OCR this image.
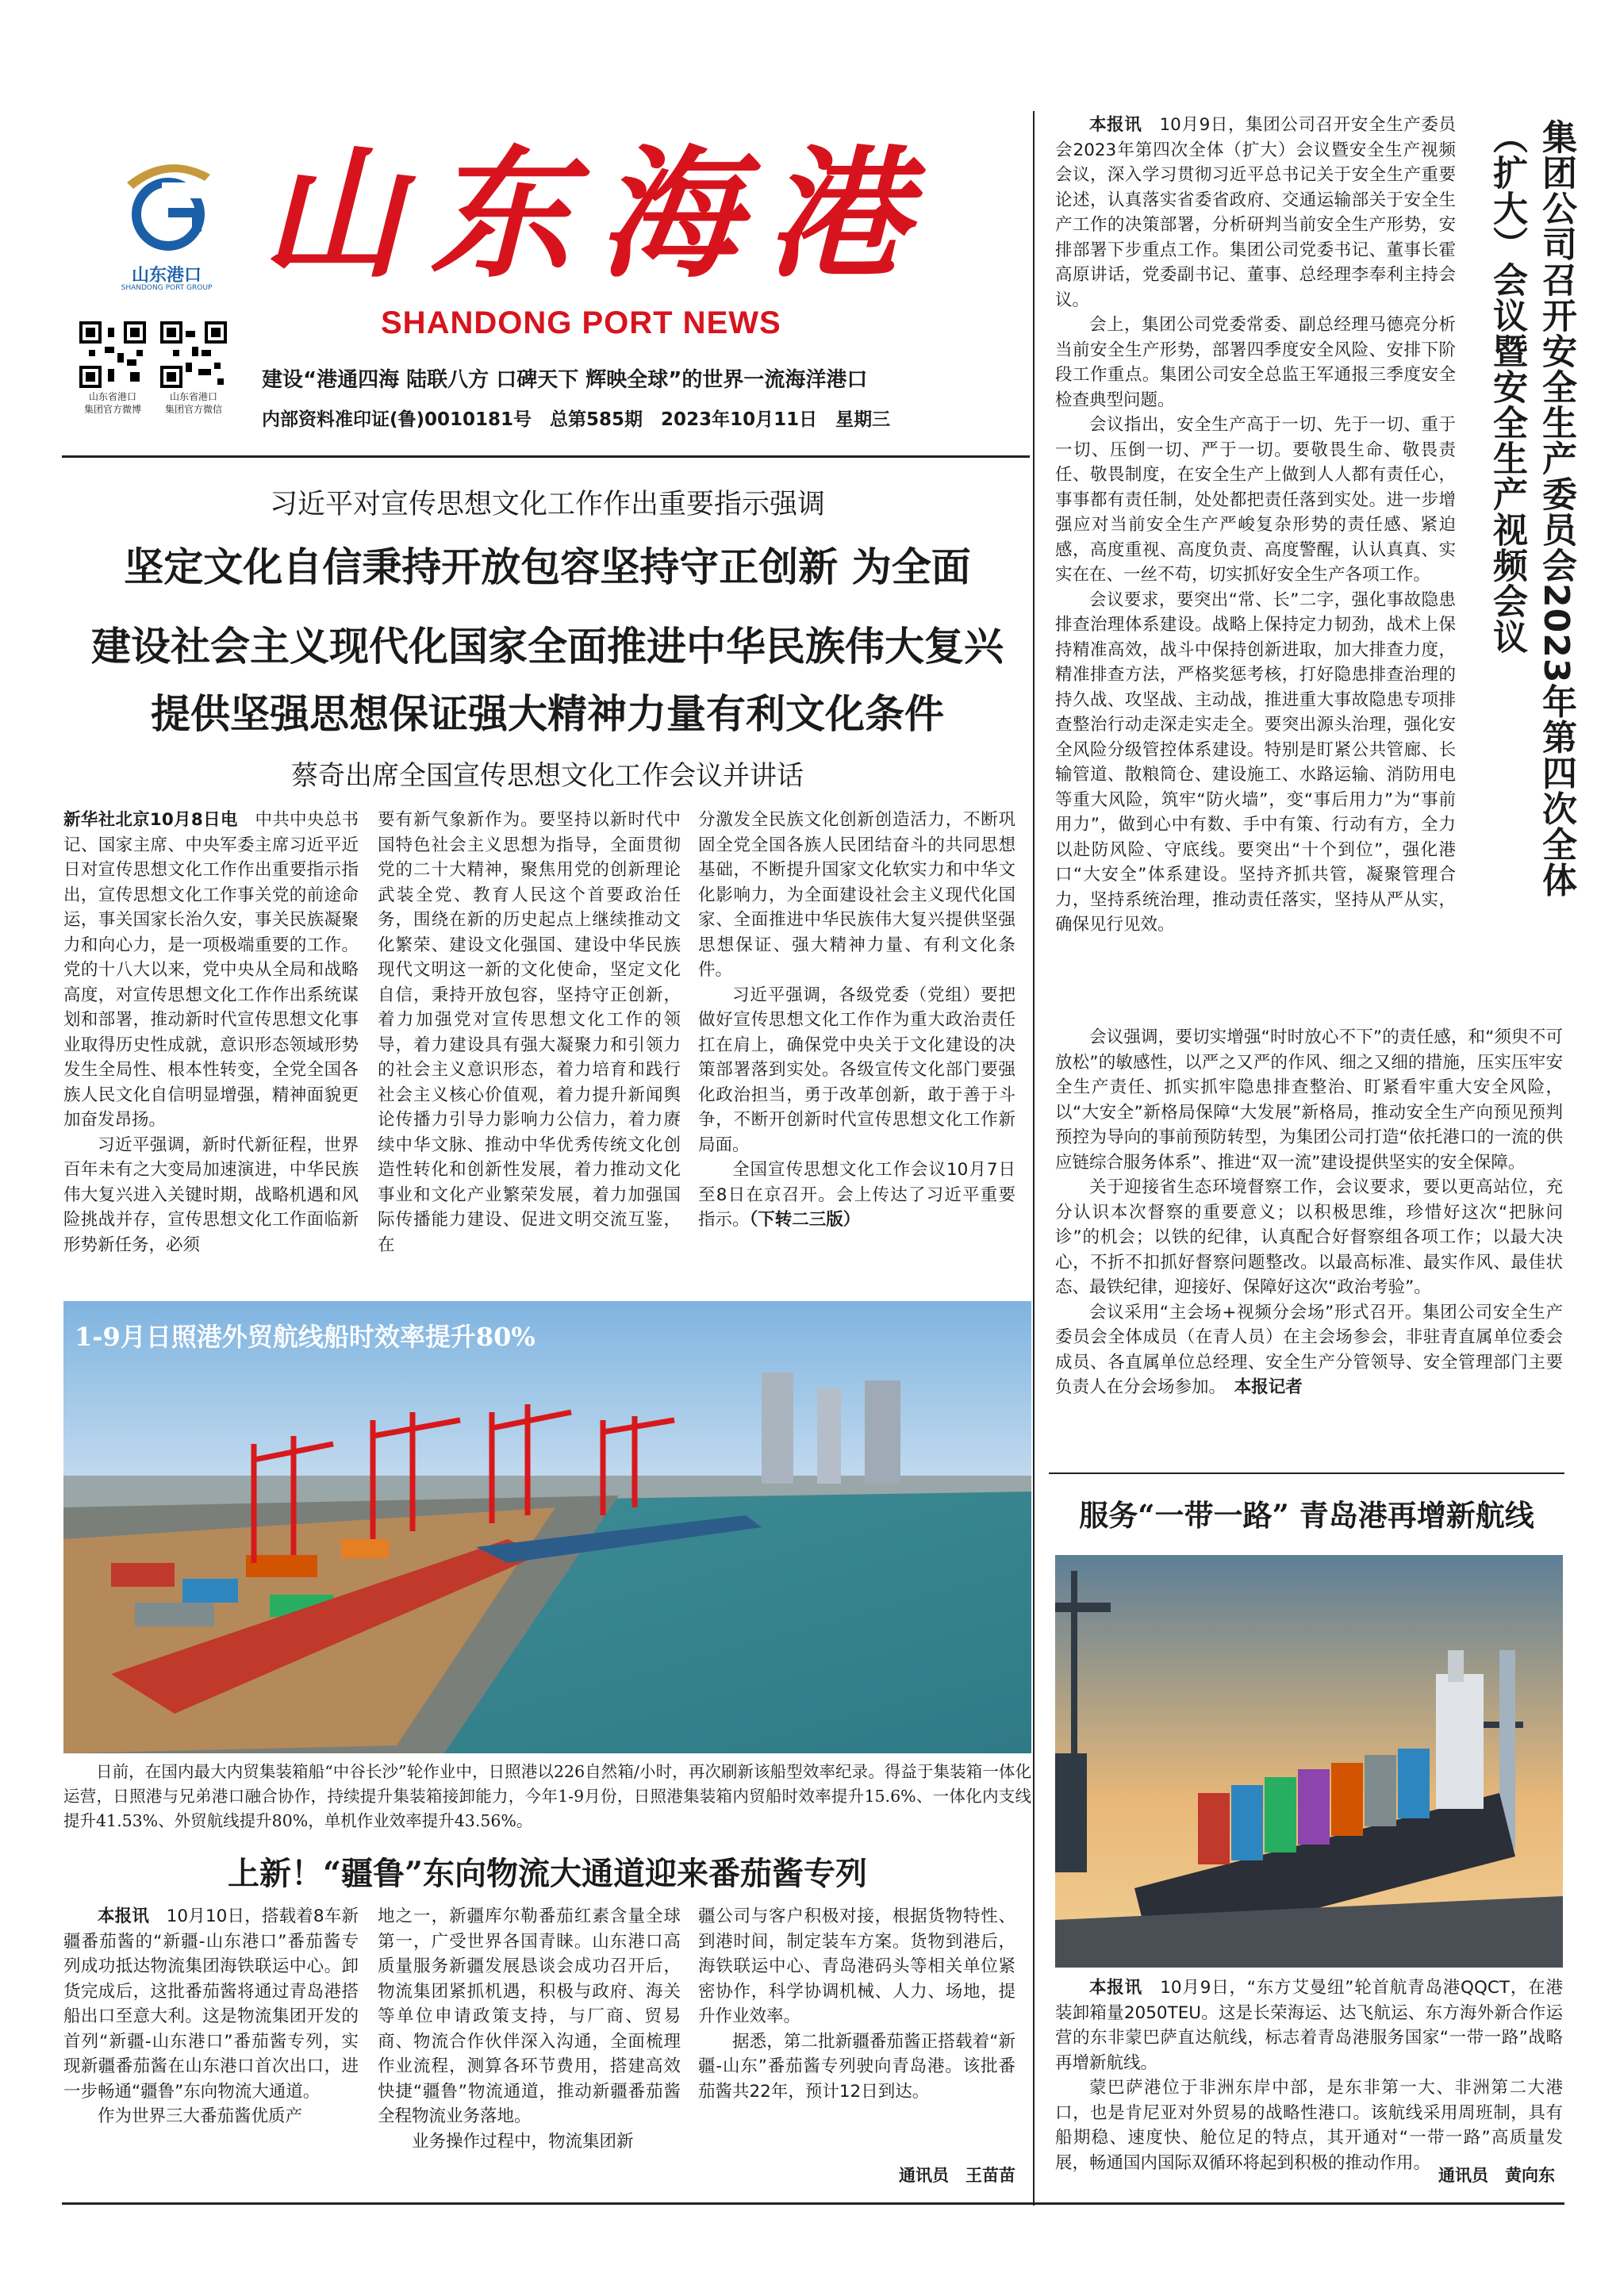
山东港口
SHANDONG PORT GROUP 山东海港
SHANDONG PORT NEWS
山东省港口
集团官方微博
山东省港口
集团官方微信
建设“港通四海 陆联八方 口碑天下 辉映全球”的世界一流海洋港口
内部资料准印证(鲁)0010181号　总第585期　2023年10月11日　星期三
习近平对宣传思想文化工作作出重要指示强调
坚定文化自信秉持开放包容坚持守正创新 为全面
建设社会主义现代化国家全面推进中华民族伟大复兴
提供坚强思想保证强大精神力量有利文化条件
蔡奇出席全国宣传思想文化工作会议并讲话

新华社北京10月8日电　 中共中央总书记、国家主席、中央军委主席习近平近日对宣传思想文化工作作出重要指示指出，宣传思想文化工作事关党的前途命运，事关国家长治久安，事关民族凝聚力和向心力，是一项极端重要的工作。党的十八大以来，党中央从全局和战略高度，对宣传思想文化工作作出系统谋划和部署，推动新时代宣传思想文化事业取得历史性成就，意识形态领域形势发生全局性、根本性转变，全党全国各族人民文化自信明显增强，精神面貌更加奋发昂扬。

习近平强调，新时代新征程，世界百年未有之大变局加速演进，中华民族伟大复兴进入关键时期，战略机遇和风险挑战并存，宣传思想文化工作面临新形势新任务，必须

要有新气象新作为。要坚持以新时代中国特色社会主义思想为指导，全面贯彻党的二十大精神，聚焦用党的创新理论武装全党、教育人民这个首要政治任务，围绕在新的历史起点上继续推动文化繁荣、建设文化强国、建设中华民族现代文明这一新的文化使命，坚定文化自信，秉持开放包容，坚持守正创新，着力加强党对宣传思想文化工作的领导，着力建设具有强大凝聚力和引领力的社会主义意识形态，着力培育和践行社会主义核心价值观，着力提升新闻舆论传播力引导力影响力公信力，着力赓续中华文脉、推动中华优秀传统文化创造性转化和创新性发展，着力推动文化事业和文化产业繁荣发展，着力加强国际传播能力建设、促进文明交流互鉴，在

分激发全民族文化创新创造活力，不断巩固全党全国各族人民团结奋斗的共同思想基础，不断提升国家文化软实力和中华文化影响力，为全面建设社会主义现代化国家、全面推进中华民族伟大复兴提供坚强思想保证、强大精神力量、有利文化条件。

习近平强调，各级党委（党组）要把做好宣传思想文化工作作为重大政治责任扛在肩上，确保党中央关于文化建设的决策部署落到实处。各级宣传文化部门要强化政治担当，勇于改革创新，敢于善于斗争，不断开创新时代宣传思想文化工作新局面。

全国宣传思想文化工作会议10月7日至8日在京召开。会上传达了习近平重要指示。（下转二三版）

1-9月日照港外贸航线船时效率提升80%
日前，在国内最大内贸集装箱船“中谷长沙”轮作业中，日照港以226自然箱/小时，再次刷新该船型效率纪录。得益于集装箱一体化运营，日照港与兄弟港口融合协作，持续提升集装箱接卸能力，今年1-9月份，日照港集装箱内贸船时效率提升15.6%、一体化内支线提升41.53%、外贸航线提升80%，单机作业效率提升43.56%。
上新！“疆鲁”东向物流大通道迎来番茄酱专列

本报讯　 10月10日，搭载着8车新疆番茄酱的“新疆-山东港口”番茄酱专列成功抵达物流集团海铁联运中心。卸货完成后，这批番茄酱将通过青岛港搭船出口至意大利。这是物流集团开发的首列“新疆-山东港口”番茄酱专列，实现新疆番茄酱在山东港口首次出口，进一步畅通“疆鲁”东向物流大通道。

作为世界三大番茄酱优质产

地之一，新疆库尔勒番茄红素含量全球第一，广受世界各国青睐。山东港口高质量服务新疆发展恳谈会成功召开后，物流集团紧抓机遇，积极与政府、海关等单位申请政策支持，与厂商、贸易商、物流合作伙伴深入沟通，全面梳理作业流程，测算各环节费用，搭建高效快捷“疆鲁”物流通道，推动新疆番茄酱全程物流业务落地。

业务操作过程中，物流集团新

疆公司与客户积极对接，根据货物特性、到港时间，制定装车方案。货物到港后，海铁联运中心、青岛港码头等相关单位紧密协作，科学协调机械、人力、场地，提升作业效率。

据悉，第二批新疆番茄酱正搭载着“新疆-山东”番茄酱专列驶向青岛港。该批番茄酱共22年，预计12日到达。

通讯员　王苗苗
集团公司召开安全生产委员会2023年第四次全体（扩大）会议暨安全生产视频会议

本报讯　 10月9日，集团公司召开安全生产委员会2023年第四次全体（扩大）会议暨安全生产视频会议，深入学习贯彻习近平总书记关于安全生产重要论述，认真落实省委省政府、交通运输部关于安全生产工作的决策部署，分析研判当前安全生产形势，安排部署下步重点工作。集团公司党委书记、董事长霍高原讲话，党委副书记、董事、总经理李奉利主持会议。

会上，集团公司党委常委、副总经理马德亮分析当前安全生产形势，部署四季度安全风险、安排下阶段工作重点。集团公司安全总监王军通报三季度安全检查典型问题。

会议指出，安全生产高于一切、先于一切、重于一切、压倒一切、严于一切。要敬畏生命、敬畏责任、敬畏制度，在安全生产上做到人人都有责任心，事事都有责任制，处处都把责任落到实处。进一步增强应对当前安全生产严峻复杂形势的责任感、紧迫感，高度重视、高度负责、高度警醒，认认真真、实实在在、一丝不苟，切实抓好安全生产各项工作。

会议要求，要突出“常、长”二字，强化事故隐患排查治理体系建设。战略上保持定力韧劲，战术上保持精准高效，战斗中保持创新进取，加大排查力度，精准排查方法，严格奖惩考核，打好隐患排查治理的持久战、攻坚战、主动战，推进重大事故隐患专项排查整治行动走深走实走全。要突出源头治理，强化安全风险分级管控体系建设。特别是盯紧公共管廊、长输管道、散粮筒仓、建设施工、水路运输、消防用电等重大风险，筑牢“防火墙”，变“事后用力”为“事前用力”，做到心中有数、手中有策、行动有方，全力以赴防风险、守底线。要突出“十个到位”，强化港口“大安全”体系建设。坚持齐抓共管，凝聚管理合力，坚持系统治理，推动责任落实，坚持从严从实，确保见行见效。

会议强调，要切实增强“时时放心不下”的责任感，和“须臾不可放松”的敏感性，以严之又严的作风、细之又细的措施，压实压牢安全生产责任、抓实抓牢隐患排查整治、盯紧看牢重大安全风险，以“大安全”新格局保障“大发展”新格局，推动安全生产向预见预判预控为导向的事前预防转型，为集团公司打造“依托港口的一流的供应链综合服务体系”、推进“双一流”建设提供坚实的安全保障。

关于迎接省生态环境督察工作，会议要求，要以更高站位，充分认识本次督察的重要意义；以积极思维，珍惜好这次“把脉问诊”的机会；以铁的纪律，认真配合好督察组各项工作；以最大决心，不折不扣抓好督察问题整改。以最高标准、最实作风、最佳状态、最铁纪律，迎接好、保障好这次“政治考验”。

会议采用“主会场+视频分会场”形式召开。集团公司安全生产委员会全体成员（在青人员）在主会场参会，非驻青直属单位委会成员、各直属单位总经理、安全生产分管领导、安全管理部门主要负责人在分会场参加。　 本报记者

服务“一带一路” 青岛港再增新航线

本报讯　 10月9日，“东方艾曼纽”轮首航青岛港QQCT，在港装卸箱量2050TEU。这是长荣海运、达飞航运、东方海外新合作运营的东非蒙巴萨直达航线，标志着青岛港服务国家“一带一路”战略再增新航线。

蒙巴萨港位于非洲东岸中部，是东非第一大、非洲第二大港口，也是肯尼亚对外贸易的战略性港口。该航线采用周班制，具有船期稳、速度快、舱位足的特点，其开通对“一带一路”高质量发展，畅通国内国际双循环将起到积极的推动作用。

通讯员　黄向东
